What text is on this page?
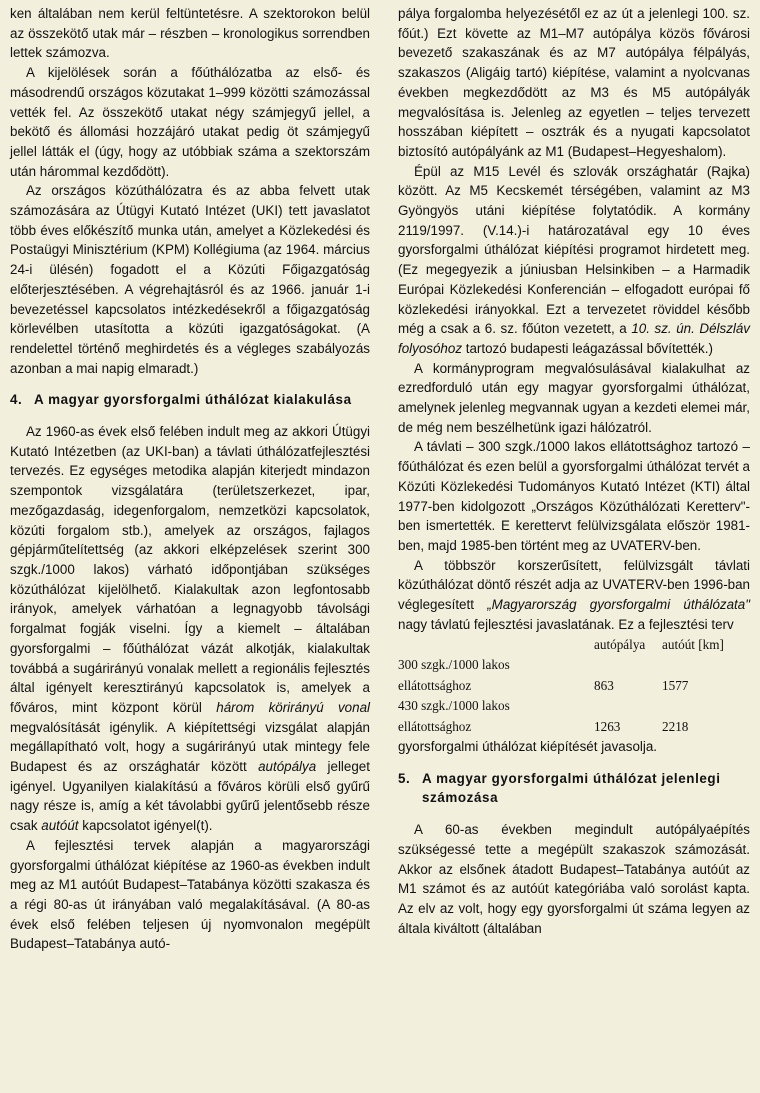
ken általában nem kerül feltüntetésre. A szektorokon belül az összekötő utak már – részben – kronologikus sorrendben lettek számozva.

A kijelölések során a főúthálózatba az első- és másodrendű országos közutakat 1–999 közötti számozással vették fel. Az összekötő utakat négy számjegyű jellel, a bekötő és állomási hozzájáró utakat pedig öt számjegyű jellel látták el (úgy, hogy az utóbbiak száma a szektorszám után hárommal kezdődött).

Az országos közúthálózatra és az abba felvett utak számozására az Útügyi Kutató Intézet (UKI) tett javaslatot több éves előkészítő munka után, amelyet a Közlekedési és Postaügyi Minisztérium (KPM) Kollégiuma (az 1964. március 24-i ülésén) fogadott el a Közúti Főigazgatóság előterjesztésében. A végrehajtásról és az 1966. január 1-i bevezetéssel kapcsolatos intézkedésekről a főigazgatóság körlevélben utasította a közúti igazgatóságokat. (A rendelettel történő meghirdetés és a végleges szabályozás azonban a mai napig elmaradt.)

4. A magyar gyorsforgalmi úthálózat kialakulása

Az 1960-as évek első felében indult meg az akkori Útügyi Kutató Intézetben (az UKI-ban) a távlati úthálózatfejlesztési tervezés. Ez egységes metodika alapján kiterjedt mindazon szempontok vizsgálatára (területszerkezet, ipar, mezőgazdaság, idegenforgalom, nemzetközi kapcsolatok, közúti forgalom stb.), amelyek az országos, fajlagos gépjárműtelítettség (az akkori elképzelések szerint 300 szgk./1000 lakos) várható időpontjában szükséges közúthálózat kijelölhető. Kialakultak azon legfontosabb irányok, amelyek várhatóan a legnagyobb távolsági forgalmat fogják viselni. Így a kiemelt – általában gyorsforgalmi – főúthálózat vázát alkotják, kialakultak továbbá a sugárirányú vonalak mellett a regionális fejlesztés által igényelt keresztirányú kapcsolatok is, amelyek a főváros, mint központ körül három körirányú vonal megvalósítását igénylik. A kiépítettségi vizsgálat alapján megállapítható volt, hogy a sugárirányú utak mintegy fele Budapest és az országhatár között autópálya jelleget igényel. Ugyanilyen kialakítású a főváros körüli első gyűrű nagy része is, amíg a két távolabbi gyűrű jelentősebb része csak autóút kapcsolatot igényel(t).

A fejlesztési tervek alapján a magyarországi gyorsforgalmi úthálózat kiépítése az 1960-as években indult meg az M1 autóút Budapest–Tatabánya közötti szakasza és a régi 80-as út irányában való megalakításával. (A 80-as évek első felében teljesen új nyomvonalon megépült Budapest–Tatabánya autó-

pálya forgalomba helyezésétől ez az út a jelenlegi 100. sz. főút.) Ezt követte az M1–M7 autópálya közös fővárosi bevezető szakaszának és az M7 autópálya félpályás, szakaszos (Aligáig tartó) kiépítése, valamint a nyolcvanas években megkezdődött az M3 és M5 autópályák megvalósítása is. Jelenleg az egyetlen – teljes tervezett hosszában kiépített – osztrák és a nyugati kapcsolatot biztosító autópályánk az M1 (Budapest–Hegyeshalom).

Épül az M15 Levél és szlovák országhatár (Rajka) között. Az M5 Kecskemét térségében, valamint az M3 Gyöngyös utáni kiépítése folytatódik. A kormány 2119/1997. (V.14.)-i határozatával egy 10 éves gyorsforgalmi úthálózat kiépítési programot hirdetett meg. (Ez megegyezik a júniusban Helsinkiben – a Harmadik Európai Közlekedési Konferencián – elfogadott európai fő közlekedési irányokkal. Ezt a tervezetet röviddel később még a csak a 6. sz. főúton vezetett, a 10. sz. ún. Délszláv folyosóhoz tartozó budapesti leágazással bővítették.)

A kormányprogram megvalósulásával kialakulhat az ezredforduló után egy magyar gyorsforgalmi úthálózat, amelynek jelenleg megvannak ugyan a kezdeti elemei már, de még nem beszélhetünk igazi hálózatról.

A távlati – 300 szgk./1000 lakos ellátottsághoz tartozó – főúthálózat és ezen belül a gyorsforgalmi úthálózat tervét a Közúti Közlekedési Tudományos Kutató Intézet (KTI) által 1977-ben kidolgozott „Országos Közúthálózati Keretterv"-ben ismertették. E kerettervt felülvizsgálata először 1981-ben, majd 1985-ben történt meg az UVATERV-ben.

A többször korszerűsített, felülvizsgált távlati közúthálózat döntő részét adja az UVATERV-ben 1996-ban véglegesített „Magyarország gyorsforgalmi úthálózata" nagy távlatú fejlesztési javaslatának. Ez a fejlesztési terv

	autópálya	autóút [km]
300 szgk./1000 lakos		
ellátottsághoz	863	1577
430 szgk./1000 lakos		
ellátottsághoz	1263	2218

gyorsforgalmi úthálózat kiépítését javasolja.

5. A magyar gyorsforgalmi úthálózat jelenlegi számozása

A 60-as években megindult autópályaépítés szükségessé tette a megépült szakaszok számozását. Akkor az elsőnek átadott Budapest–Tatabánya autóút az M1 számot és az autóút kategóriába való sorolást kapta. Az elv az volt, hogy egy gyorsforgalmi út száma legyen az általa kiváltott (általában
